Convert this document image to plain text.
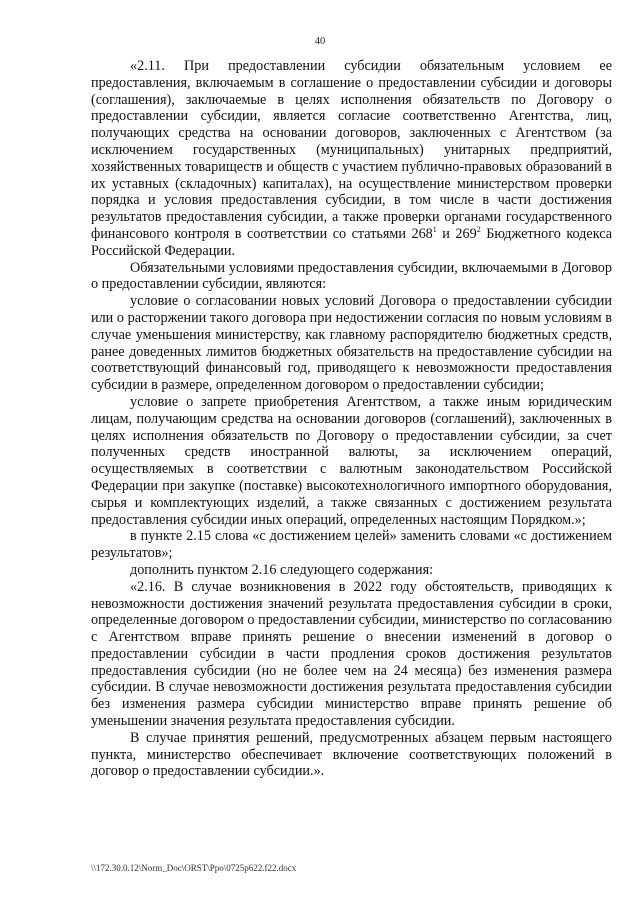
40

«2.11. При предоставлении субсидии обязательным условием ее предоставления, включаемым в соглашение о предоставлении субсидии и договоры (соглашения), заключаемые в целях исполнения обязательств по Договору о предоставлении субсидии, является согласие соответственно Агентства, лиц, получающих средства на основании договоров, заключенных с Агентством (за исключением государственных (муниципальных) унитарных предприятий, хозяйственных товариществ и обществ с участием публично-правовых образований в их уставных (складочных) капиталах), на осуществление министерством проверки порядка и условия предоставления субсидии, в том числе в части достижения результатов предоставления субсидии, а также проверки органами государственного финансового контроля в соответствии со статьями $268^1$ и $269^2$ Бюджетного кодекса Российской Федерации.

Обязательными условиями предоставления субсидии, включаемыми в Договор о предоставлении субсидии, являются:

условие о согласовании новых условий Договора о предоставлении субсидии или о расторжении такого договора при недостижении согласия по новым условиям в случае уменьшения министерству, как главному распорядителю бюджетных средств, ранее доведенных лимитов бюджетных обязательств на предоставление субсидии на соответствующий финансовый год, приводящего к невозможности предоставления субсидии в размере, определенном договором о предоставлении субсидии;

условие о запрете приобретения Агентством, а также иным юридическим лицам, получающим средства на основании договоров (соглашений), заключенных в целях исполнения обязательств по Договору о предоставлении субсидии, за счет полученных средств иностранной валюты, за исключением операций, осуществляемых в соответствии с валютным законодательством Российской Федерации при закупке (поставке) высокотехнологичного импортного оборудования, сырья и комплектующих изделий, а также связанных с достижением результата предоставления субсидии иных операций, определенных настоящим Порядком.»;

в пункте 2.15 слова «с достижением целей» заменить словами «с достижением результатов»;

дополнить пунктом 2.16 следующего содержания:

«2.16. В случае возникновения в 2022 году обстоятельств, приводящих к невозможности достижения значений результата предоставления субсидии в сроки, определенные договором о предоставлении субсидии, министерство по согласованию с Агентством вправе принять решение о внесении изменений в договор о предоставлении субсидии в части продления сроков достижения результатов предоставления субсидии (но не более чем на 24 месяца) без изменения размера субсидии. В случае невозможности достижения результата предоставления субсидии без изменения размера субсидии министерство вправе принять решение об уменьшении значения результата предоставления субсидии.

В случае принятия решений, предусмотренных абзацем первым настоящего пункта, министерство обеспечивает включение соответствующих положений в договор о предоставлении субсидии.».

\\172.30.0.12\Norm_Doc\ORST\Ppo\0725p622.f22.docx
